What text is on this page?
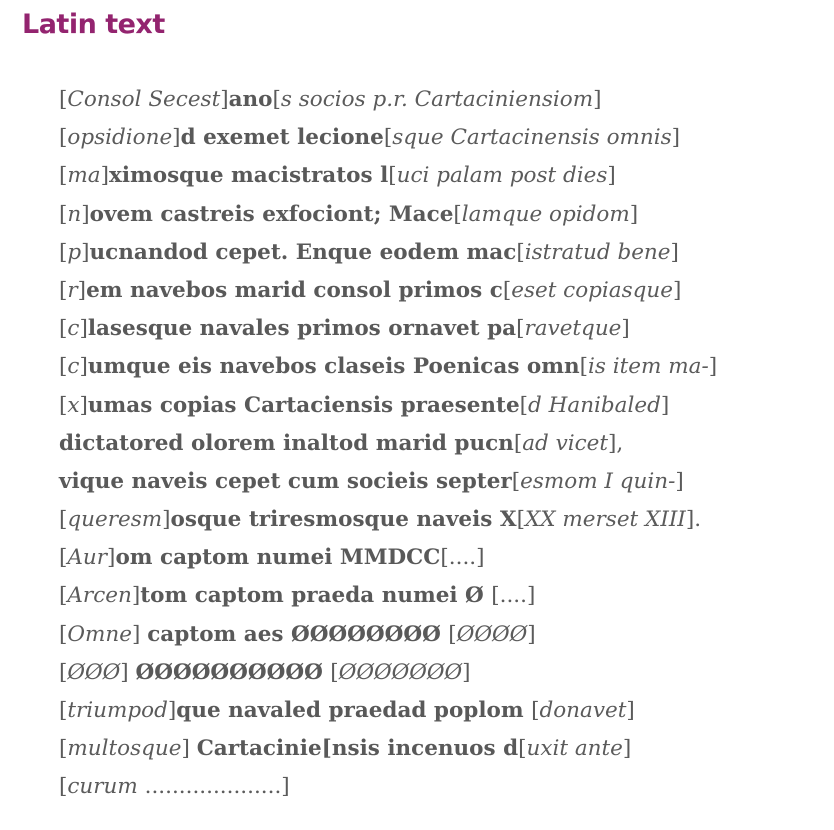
Latin text
[Consol Secest]ano[s socios p.r. Cartaciniensiom]
[opsidione]d exemet lecione[sque Cartacinensis omnis]
[ma]ximosque macistratos l[uci palam post dies]
[n]ovem castreis exfociont; Mace[lamque opidom]
[p]ucnandod cepet. Enque eodem mac[istratud bene]
[r]em navebos marid consol primos c[eset copiasque]
[c]lasesque navales primos ornavet pa[ravetque]
[c]umque eis navebos claseis Poenicas omn[is item ma-]
[x]umas copias Cartaciensis praesente[d Hanibaled]
dictatored olorem inaltod marid pucn[ad vicet],
vique naveis cepet cum socieis septer[esmom I quin-]
[queresm]osque triresmosque naveis X[XX merset XIII].
[Aur]om captom numei MMDCC[....]
[Arcen]tom captom praeda numei Ø [....]
[Omne] captom aes ØØØØØØØØ [ØØØØ]
[ØØØ] ØØØØØØØØØØ [ØØØØØØØ]
[triumpod]que navaled praedad poplom [donavet]
[multosque] Cartacinie[nsis incenuos d[uxit ante]
[curum ....................]
